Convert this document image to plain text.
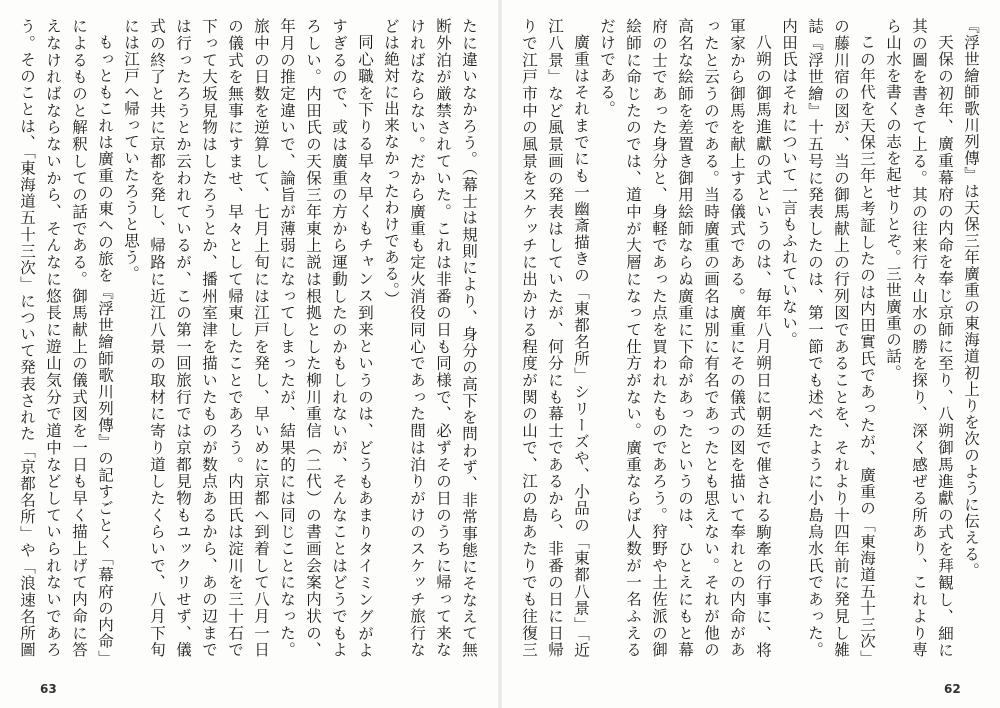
『浮世繪師歌川列傳』は天保三年廣重の東海道初上りを次のように伝える。

天保の初年、廣重幕府の内命を奉じ京師に至り、八朔御馬進獻の式を拜観し、細に其の圖を書きて上る。其の往来行々山水の勝を探り、深く感ぜる所あり、これより専ら山水を書くの志を起せりとぞ。三世廣重の話。

この年代を天保三年と考証したのは内田實氏であったが、廣重の「東海道五十三次」の藤川宿の図が、当の御馬献上の行列図であることを、それより十四年前に発見し雑誌『浮世繪』十五号に発表したのは、第一節でも述べたように小島烏水氏であった。内田氏はそれについて一言もふれていない。

八朔の御馬進獻の式というのは、毎年八月朔日に朝廷で催される駒牽の行事に、将軍家から御馬を献上する儀式である。廣重にその儀式の図を描いて奉れとの内命があったと云うのである。当時廣重の画名は別に有名であったとも思えない。それが他の高名な絵師を差置き御用絵師ならぬ廣重に下命があったというのは、ひとえにもと幕府の士であった身分と、身軽であった点を買われたものであろう。狩野や土佐派の御絵師に命じたのでは、道中が大層になって仕方がない。廣重ならば人数が一名ふえるだけである。

廣重はそれまでにも一幽斎描きの「東都名所」シリーズや、小品の「東都八景」「近江八景」など風景画の発表はしていたが、何分にも幕士であるから、非番の日に日帰りで江戸市中の風景をスケッチに出かける程度が関の山で、江の島あたりでも往復三

たに違いなかろう。（幕士は規則により、身分の高下を問わず、非常事態にそなえて無断外泊が厳禁されていた。これは非番の日も同様で、必ずその日のうちに帰って来なければならない。だから廣重も定火消役同心であった間は泊りがけのスケッチ旅行などは絶対に出来なかったわけである。）

同心職を下りる早々早くもチャンス到来というのは、どうもあまりタイミングがよすぎるので、或は廣重の方から運動したのかもしれないが、そんなことはどうでもよろしい。内田氏の天保三年東上説は根拠とした柳川重信（二代）の書画会案内状の、年月の推定違いで、論旨が薄弱になってしまったが、結果的には同じことになった。旅中の日数を逆算して、七月上旬には江戸を発し、早いめに京都へ到着して八月一日の儀式を無事にすませ、早々として帰東したことであろう。内田氏は淀川を三十石で下って大坂見物はしたろうとか、播州室津を描いたものが数点あるから、あの辺までは行ったろうとか云われているが、この第一回旅行では京都見物もユックリせず、儀式の終了と共に京都を発し、帰路に近江八景の取材に寄り道したくらいで、八月下旬には江戸へ帰っていたろうと思う。

もっともこれは廣重の東への旅を『浮世繪師歌川列傳』の記すごとく「幕府の内命」によるものと解釈しての話である。御馬献上の儀式図を一日も早く描上げて内命に答えなければならないから、そんなに悠長に遊山気分で道中などしていられないであろう。そのことは、「東海道五十三次」について発表された「京都名所」や「浪速名所圖

63	62
